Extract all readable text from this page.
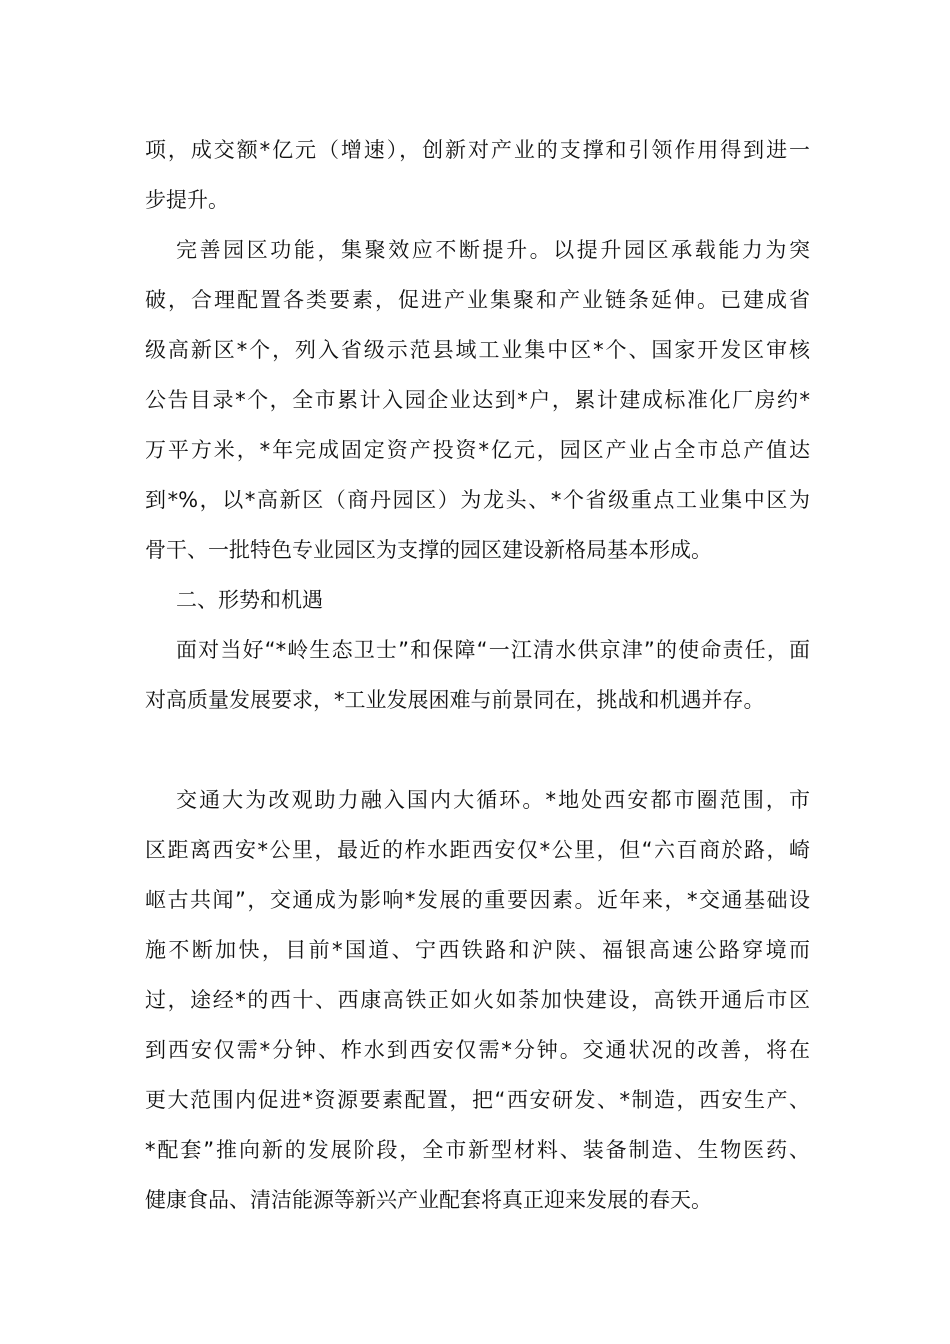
项，成交额*亿元（增速），创新对产业的支撑和引领作用得到进一
步提升。
完善园区功能，集聚效应不断提升。以提升园区承载能力为突
破，合理配置各类要素，促进产业集聚和产业链条延伸。已建成省
级高新区*个，列入省级示范县域工业集中区*个、国家开发区审核
公告目录*个，全市累计入园企业达到*户，累计建成标准化厂房约*
万平方米，*年完成固定资产投资*亿元，园区产业占全市总产值达
到*%，以*高新区（商丹园区）为龙头、*个省级重点工业集中区为
骨干、一批特色专业园区为支撑的园区建设新格局基本形成。
二、形势和机遇
面对当好“*岭生态卫士”和保障“一江清水供京津”的使命责任，面
对高质量发展要求，*工业发展困难与前景同在，挑战和机遇并存。
交通大为改观助力融入国内大循环。*地处西安都市圈范围，市
区距离西安*公里，最近的柞水距西安仅*公里，但“六百商於路，崎
岖古共闻”，交通成为影响*发展的重要因素。近年来，*交通基础设
施不断加快，目前*国道、宁西铁路和沪陕、福银高速公路穿境而
过，途经*的西十、西康高铁正如火如荼加快建设，高铁开通后市区
到西安仅需*分钟、柞水到西安仅需*分钟。交通状况的改善，将在
更大范围内促进*资源要素配置，把“西安研发、*制造，西安生产、
*配套”推向新的发展阶段，全市新型材料、装备制造、生物医药、
健康食品、清洁能源等新兴产业配套将真正迎来发展的春天。
